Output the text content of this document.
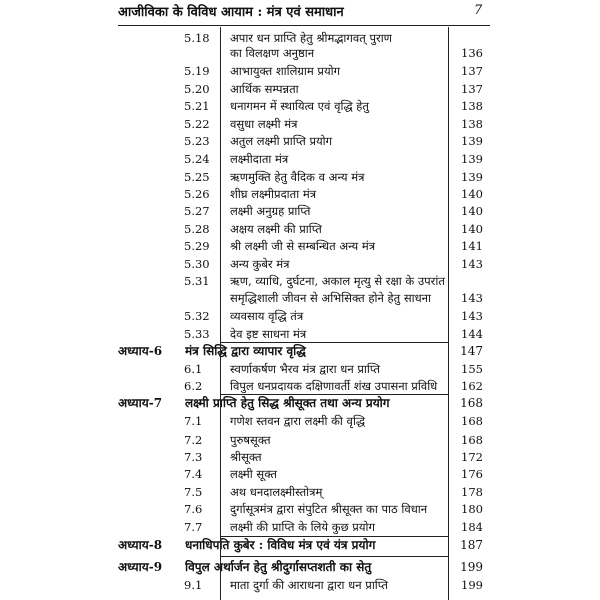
आजीविका के विविध आयाम : मंत्र एवं समाधान	7
5.18	अपार धन प्राप्ति हेतु श्रीमद्भागवत् पुराण
का विलक्षण अनुष्ठान	136
5.19	आभायुक्त शालिग्राम प्रयोग	137
5.20	आर्थिक सम्पन्नता	137
5.21	धनागमन में स्थायित्व एवं वृद्धि हेतु	138
5.22	वसुधा लक्ष्मी मंत्र	138
5.23	अतुल लक्ष्मी प्राप्ति प्रयोग	139
5.24	लक्ष्मीदाता मंत्र	139
5.25	ऋणमुक्ति हेतु वैदिक व अन्य मंत्र	139
5.26	शीघ्र लक्ष्मीप्रदाता मंत्र	140
5.27	लक्ष्मी अनुग्रह प्राप्ति	140
5.28	अक्षय लक्ष्मी की प्राप्ति	140
5.29	श्री लक्ष्मी जी से सम्बन्धित अन्य मंत्र	141
5.30	अन्य कुबेर मंत्र	143
5.31	ऋण, व्याधि, दुर्घटना, अकाल मृत्यु से रक्षा के उपरांत
समृद्धिशाली जीवन से अभिसिक्त होने हेतु साधना	143
5.32	व्यवसाय वृद्धि तंत्र	143
5.33	देव इष्ट साधना मंत्र	144
अध्याय-6	मंत्र सिद्धि द्वारा व्यापार वृद्धि	147
6.1	स्वर्णाकर्षण भैरव मंत्र द्वारा धन प्राप्ति	155
6.2	विपुल धनप्रदायक दक्षिणावर्ती शंख उपासना प्रविधि	162
अध्याय-7	लक्ष्मी प्राप्ति हेतु सिद्ध श्रीसूक्त तथा अन्य प्रयोग	168
7.1	गणेश स्तवन द्वारा लक्ष्मी की वृद्धि	168
7.2	पुरुषसूक्त	168
7.3	श्रीसूक्त	172
7.4	लक्ष्मी सूक्त	176
7.5	अथ धनदालक्ष्मीस्तोत्रम्	178
7.6	दुर्गासूत्रमंत्र द्वारा संपुटित श्रीसूक्त का पाठ विधान	180
7.7	लक्ष्मी की प्राप्ति के लिये कुछ प्रयोग	184
अध्याय-8	धनाधिपति कुबेर : विविध मंत्र एवं यंत्र प्रयोग	187
अध्याय-9	विपुल अर्थार्जन हेतु श्रीदुर्गासप्तशती का सेतु	199
9.1	माता दुर्गा की आराधना द्वारा धन प्राप्ति	199
